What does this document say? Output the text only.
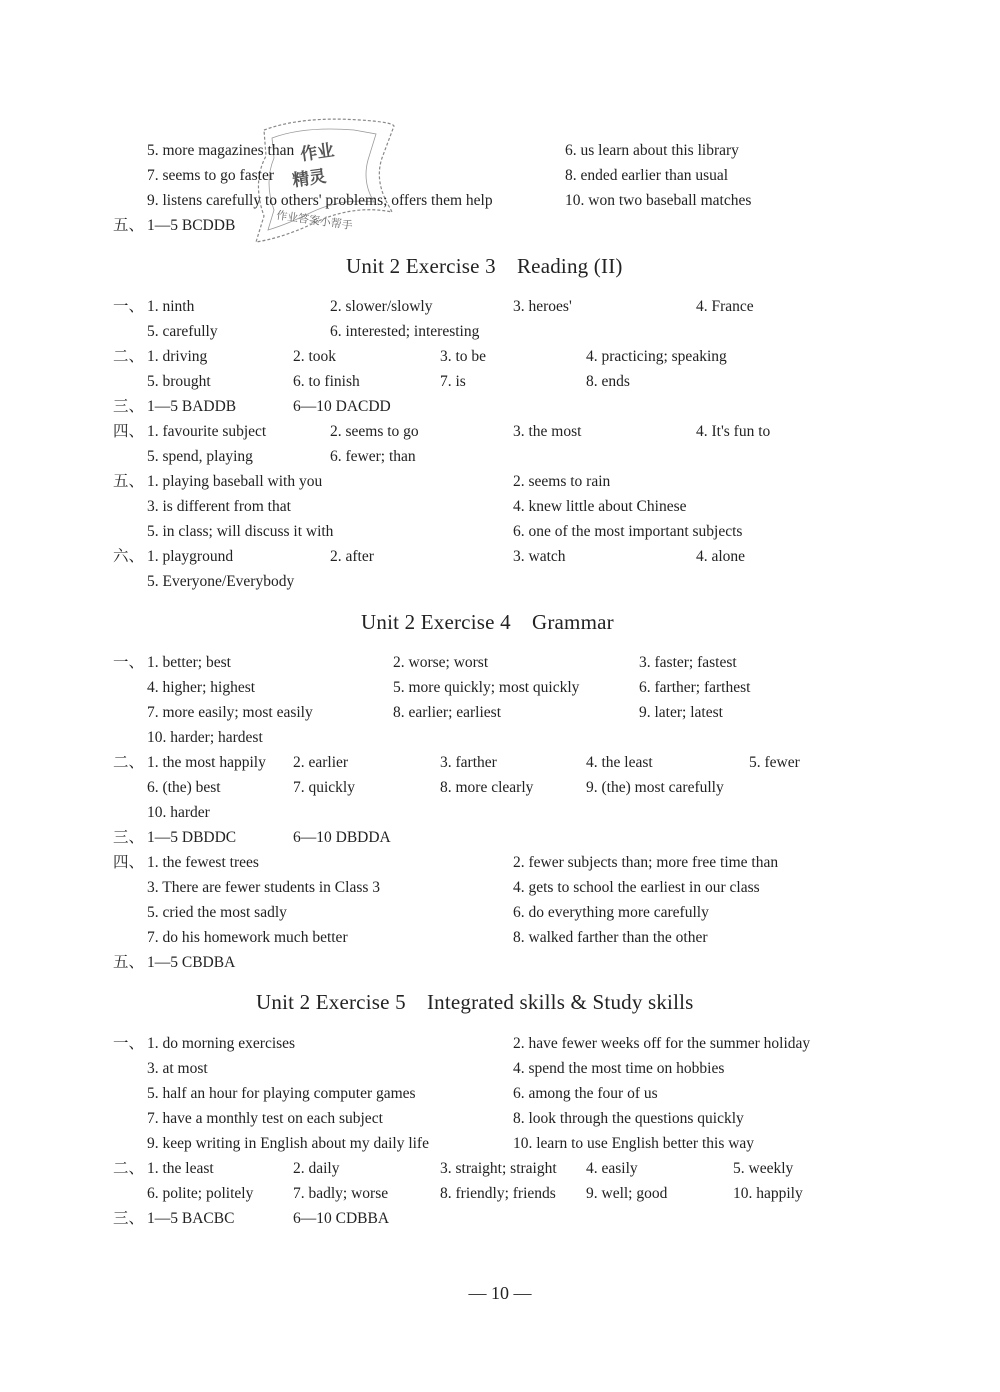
作业
精灵
作业答案小帮手
5. more magazines than	6. us learn about this library
7. seems to go faster	8. ended earlier than usual
9. listens carefully to others' problems; offers them help	10. won two baseball matches
五、 1—5 BCDDB
Unit 2 Exercise 3　Reading (II)
一、 1. ninth	2. slower/slowly	3. heroes'	4. France
5. carefully	6. interested; interesting
二、 1. driving	2. took	3. to be	4. practicing; speaking
5. brought	6. to finish	7. is	8. ends
三、 1—5 BADDB	6—10 DACDD
四、 1. favourite subject	2. seems to go	3. the most	4. It's fun to
5. spend, playing	6. fewer; than
五、 1. playing baseball with you	2. seems to rain
3. is different from that	4. knew little about Chinese
5. in class; will discuss it with	6. one of the most important subjects
六、 1. playground	2. after	3. watch	4. alone
5. Everyone/Everybody
Unit 2 Exercise 4　Grammar
一、 1. better; best	2. worse; worst	3. faster; fastest
4. higher; highest	5. more quickly; most quickly	6. farther; farthest
7. more easily; most easily	8. earlier; earliest	9. later; latest
10. harder; hardest
二、 1. the most happily 2. earlier	3. farther	4. the least	5. fewer
6. (the) best	7. quickly	8. more clearly	9. (the) most carefully
10. harder
三、 1—5 DBDDC	6—10 DBDDA
四、 1. the fewest trees	2. fewer subjects than; more free time than
3. There are fewer students in Class 3	4. gets to school the earliest in our class
5. cried the most sadly	6. do everything more carefully
7. do his homework much better	8. walked farther than the other
五、 1—5 CBDBA
Unit 2 Exercise 5　Integrated skills & Study skills
一、 1. do morning exercises	2. have fewer weeks off for the summer holiday
3. at most	4. spend the most time on hobbies
5. half an hour for playing computer games	6. among the four of us
7. have a monthly test on each subject	8. look through the questions quickly
9. keep writing in English about my daily life	10. learn to use English better this way
二、 1. the least	2. daily	3. straight; straight 4. easily	5. weekly
6. polite; politely	7. badly; worse	8. friendly; friends 9. well; good	10. happily
三、 1—5 BACBC	6—10 CDBBA
— 10 —
